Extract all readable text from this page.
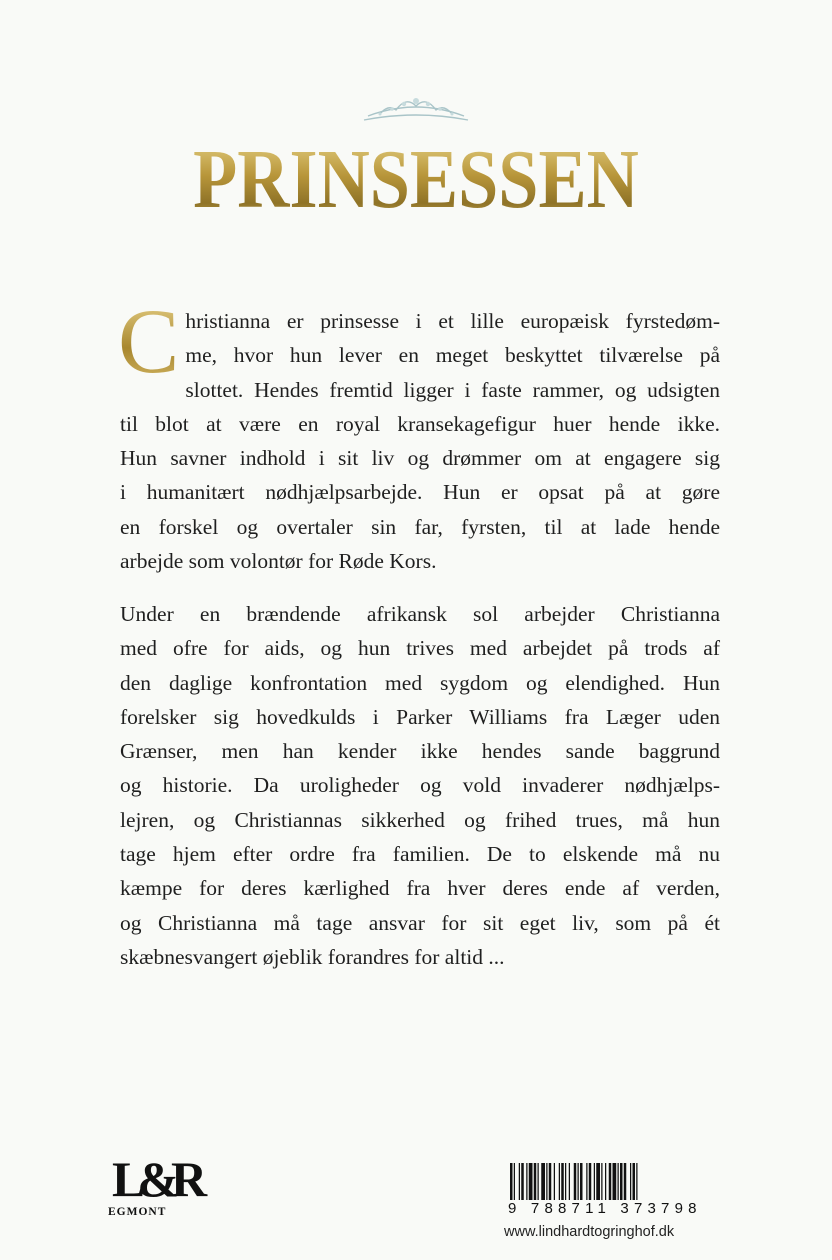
PRINSESSEN
C hristianna er prinsesse i et lille europæisk fyrstedøm-
me, hvor hun lever en meget beskyttet tilværelse på
slottet. Hendes fremtid ligger i faste rammer, og udsigten
til blot at være en royal kransekagefigur huer hende ikke.
Hun savner indhold i sit liv og drømmer om at engagere sig
i humanitært nødhjælpsarbejde. Hun er opsat på at gøre
en forskel og overtaler sin far, fyrsten, til at lade hende
arbejde som volontør for Røde Kors.
Under en brændende afrikansk sol arbejder Christianna
med ofre for aids, og hun trives med arbejdet på trods af
den daglige konfrontation med sygdom og elendighed. Hun
forelsker sig hovedkulds i Parker Williams fra Læger uden
Grænser, men han kender ikke hendes sande baggrund
og historie. Da uroligheder og vold invaderer nødhjælps-
lejren, og Christiannas sikkerhed og frihed trues, må hun
tage hjem efter ordre fra familien. De to elskende må nu
kæmpe for deres kærlighed fra hver deres ende af verden,
og Christianna må tage ansvar for sit eget liv, som på ét
skæbnesvangert øjeblik forandres for altid ...
L&R
EGMONT	9 788711 373798
www.lindhardtogringhof.dk
